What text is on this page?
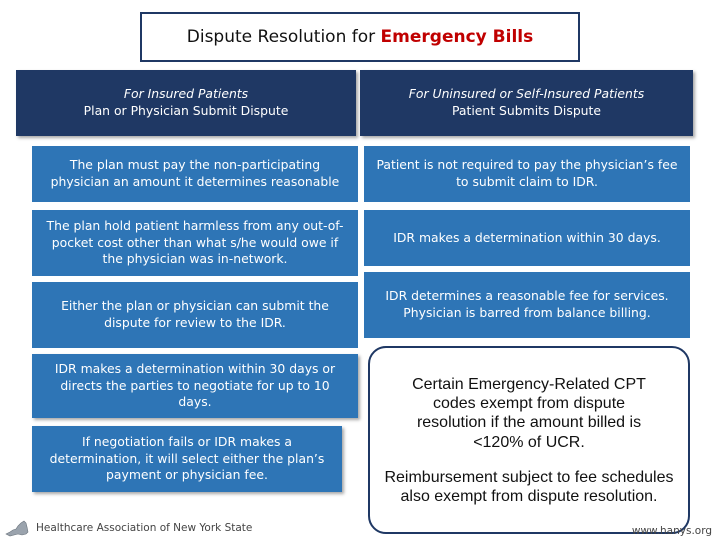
Dispute Resolution for Emergency Bills
For Insured Patients
Plan or Physician Submit Dispute
For Uninsured or Self-Insured Patients
Patient Submits Dispute
The plan must pay the non-participating physician an amount it determines reasonable
The plan hold patient harmless from any out-of-pocket cost other than what s/he would owe if the physician was in-network.
Either the plan or physician can submit the dispute for review to the IDR.
IDR makes a determination within 30 days or directs the parties to negotiate for up to 10 days.
If negotiation fails or IDR makes a determination, it will select either the plan’s payment or physician fee.
Patient is not required to pay the physician’s fee to submit claim to IDR.
IDR makes a determination within 30 days.
IDR determines a reasonable fee for services. Physician is barred from balance billing.
Certain Emergency-Related CPT codes exempt from dispute resolution if the amount billed is <120% of UCR.
Reimbursement subject to fee schedules also exempt from dispute resolution.
Healthcare Association of New York State	www.hanys.org
